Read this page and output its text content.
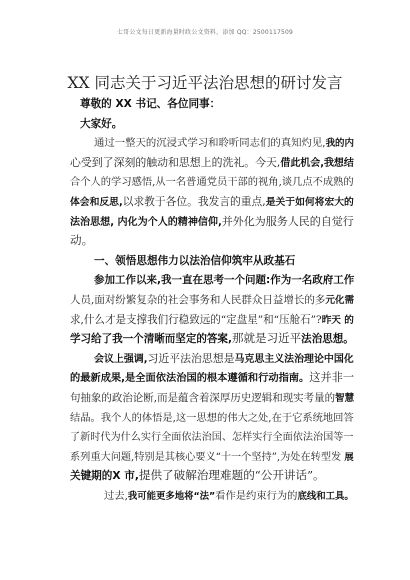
七哥公文每日更新海量时政公文资料，添加 QQ：2500117509
XX 同志关于习近平法治思想的研讨发言
尊敬的 XX 书记、各位同事：
大家好。
通过一整天的沉浸式学习和聆听同志们的真知灼见,我的内
心受到了深刻的触动和思想上的洗礼。今天,借此机会,我想结
合个人的学习感悟,从一名普通党员干部的视角,谈几点不成熟的
体会和反思,以求教于各位。我发言的重点,是关于如何将宏大的
法治思想, 内化为个人的精神信仰,并外化为服务人民的自觉行
动。
一、领悟思想伟力以法治信仰筑牢从政基石
参加工作以来,我一直在思考一个问题:作为一名政府工作
人员,面对纷繁复杂的社会事务和人民群众日益增长的多元化需
求,什么才是支撑我们行稳致远的“定盘星”和“压舱石”?昨天 的
学习给了我一个清晰而坚定的答案,那就是习近平法治思想。
会议上强调,习近平法治思想是马克思主义法治理论中国化
的最新成果,是全面依法治国的根本遵循和行动指南。这并非一
句抽象的政治论断,而是蕴含着深厚历史逻辑和现实考量的智慧
结晶。我个人的体悟是,这一思想的伟大之处,在于它系统地回答
了新时代为什么实行全面依法治国、怎样实行全面依法治国等一
系列重大问题,特别是其核心要义“十一个坚持”,为处在转型发 展
关键期的X 市,提供了破解治理难题的“公开讲话”。
过去,我可能更多地将“法”看作是约束行为的底线和工具。
